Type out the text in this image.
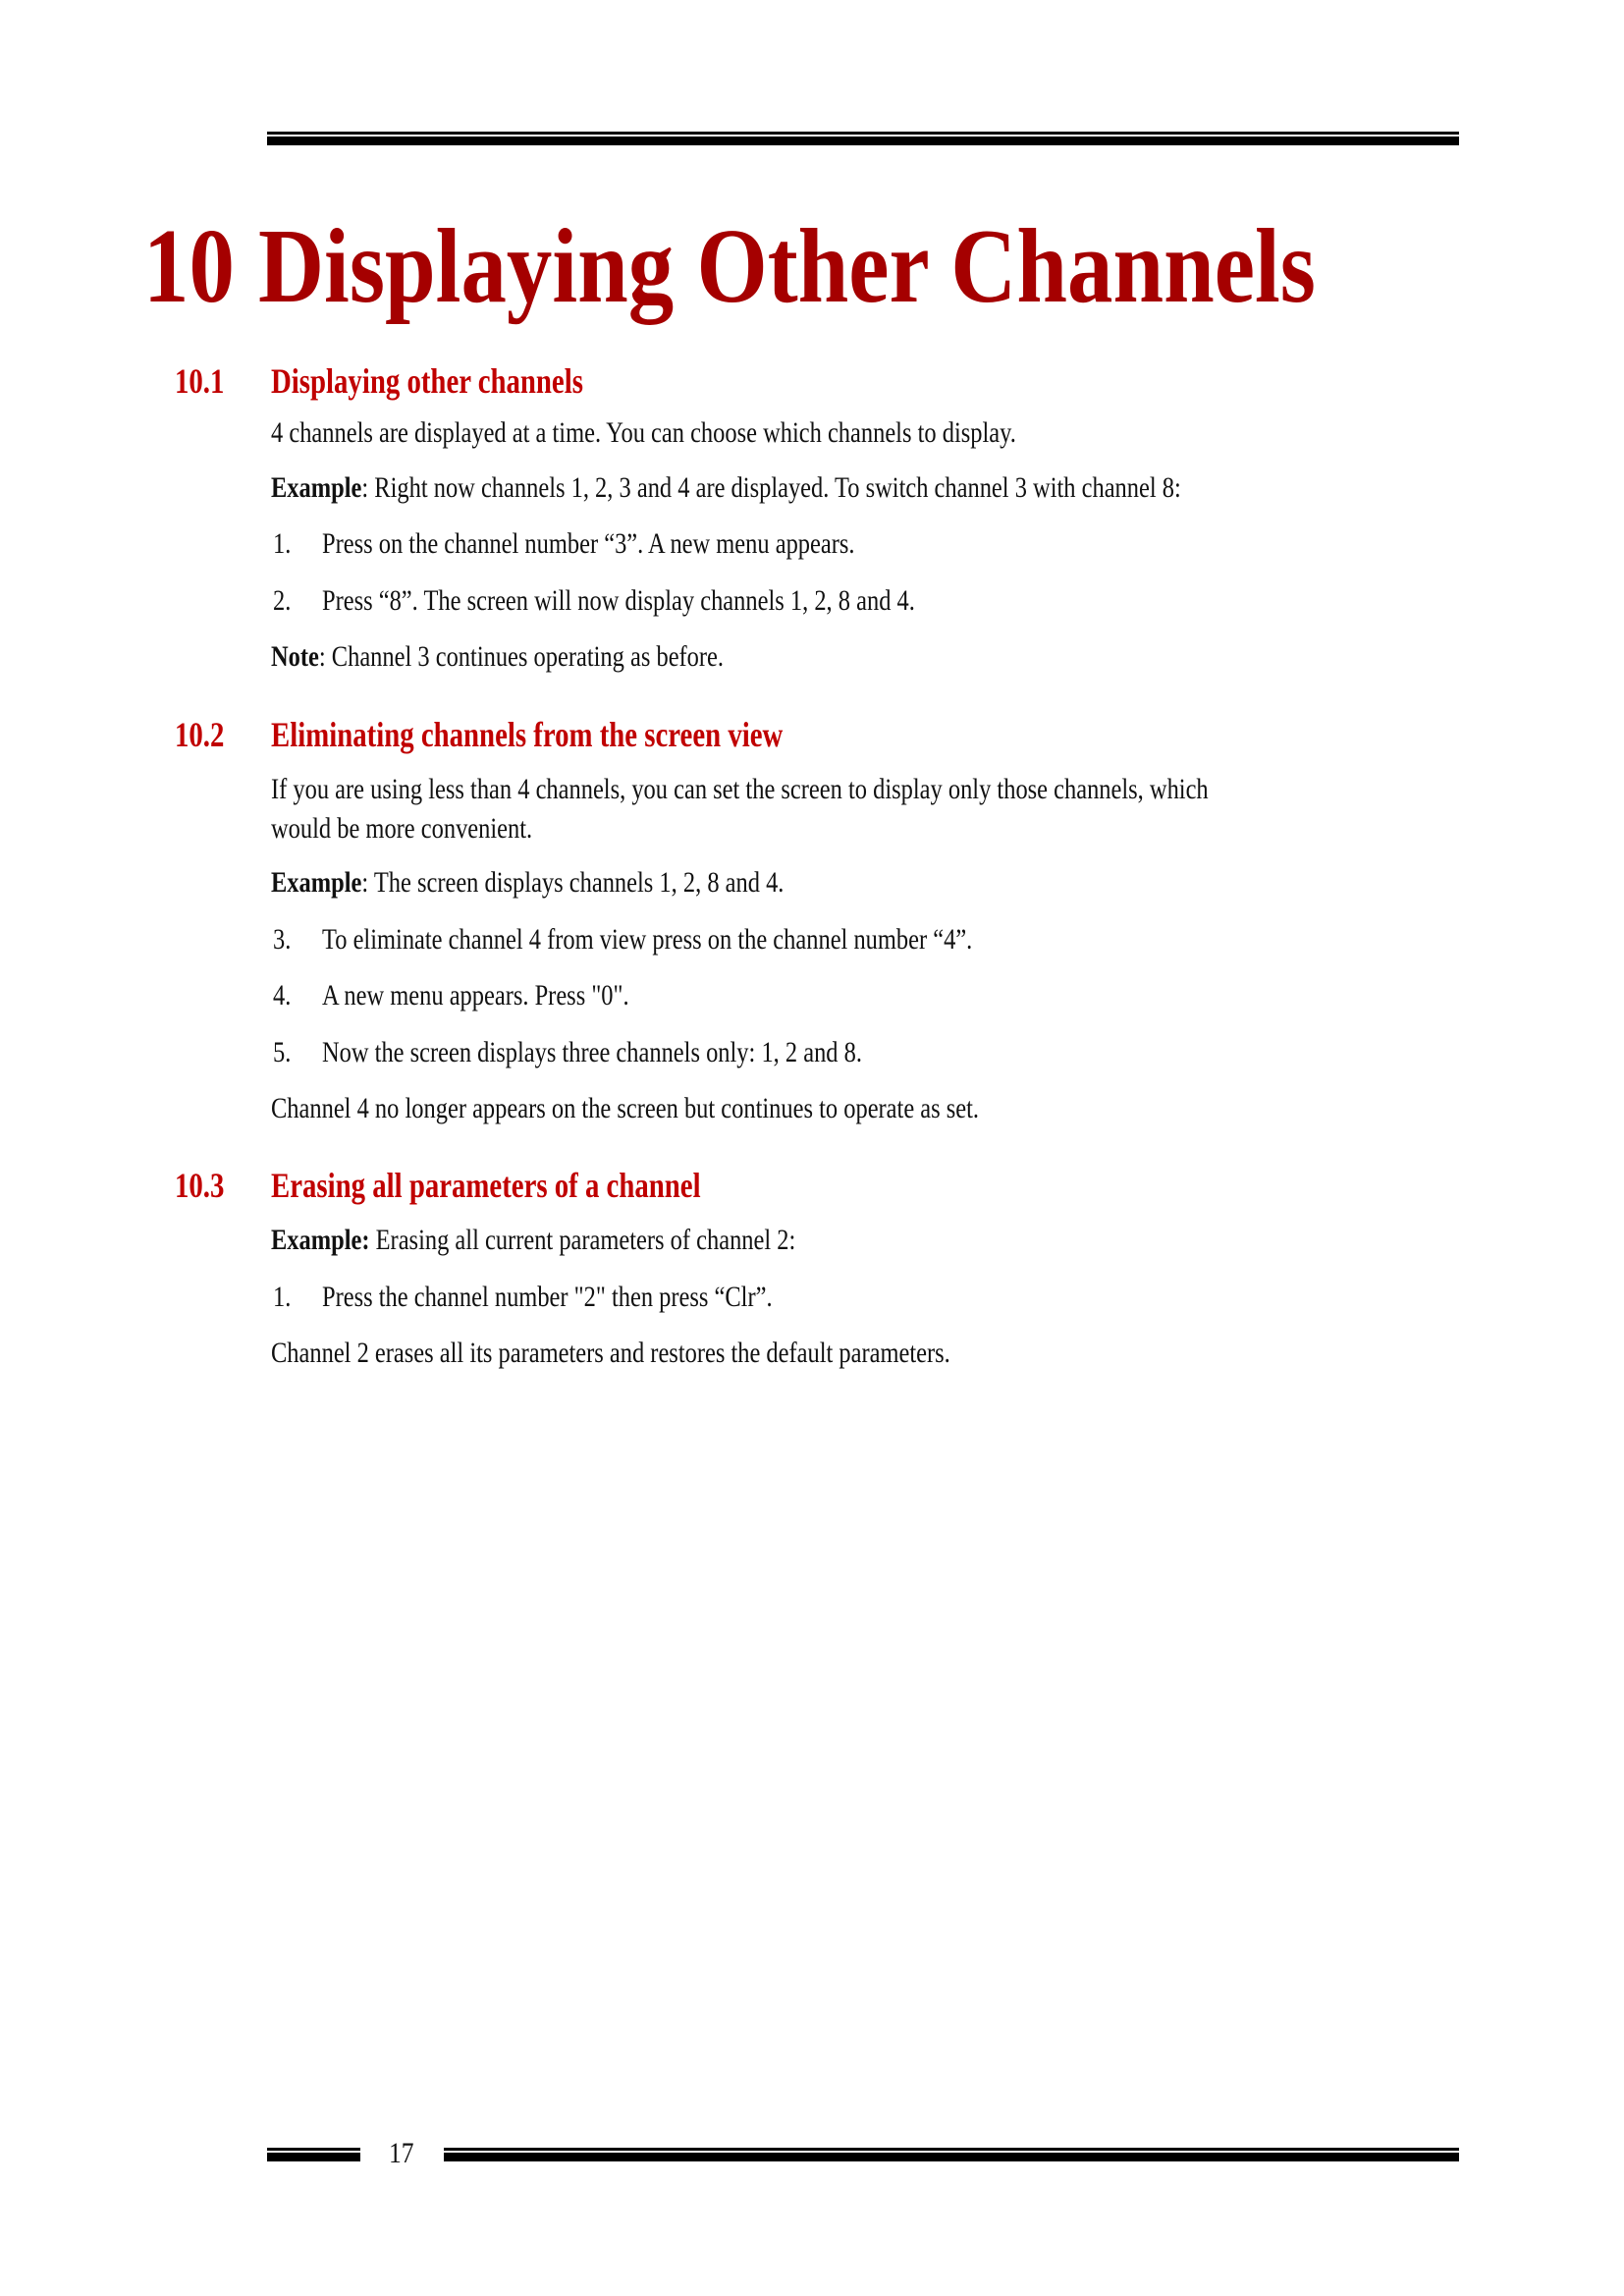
10 Displaying Other Channels
10.1 Displaying other channels
4 channels are displayed at a time. You can choose which channels to display.
Example: Right now channels 1, 2, 3 and 4 are displayed. To switch channel 3 with channel 8:
1. Press on the channel number “3”. A new menu appears.
2. Press “8”. The screen will now display channels 1, 2, 8 and 4.
Note: Channel 3 continues operating as before.
10.2 Eliminating channels from the screen view
If you are using less than 4 channels, you can set the screen to display only those channels, which
would be more convenient.
Example: The screen displays channels 1, 2, 8 and 4.
3. To eliminate channel 4 from view press on the channel number “4”.
4. A new menu appears. Press "0".
5. Now the screen displays three channels only: 1, 2 and 8.
Channel 4 no longer appears on the screen but continues to operate as set.
10.3 Erasing all parameters of a channel
Example: Erasing all current parameters of channel 2:
1. Press the channel number "2" then press “Clr”.
Channel 2 erases all its parameters and restores the default parameters.
17
